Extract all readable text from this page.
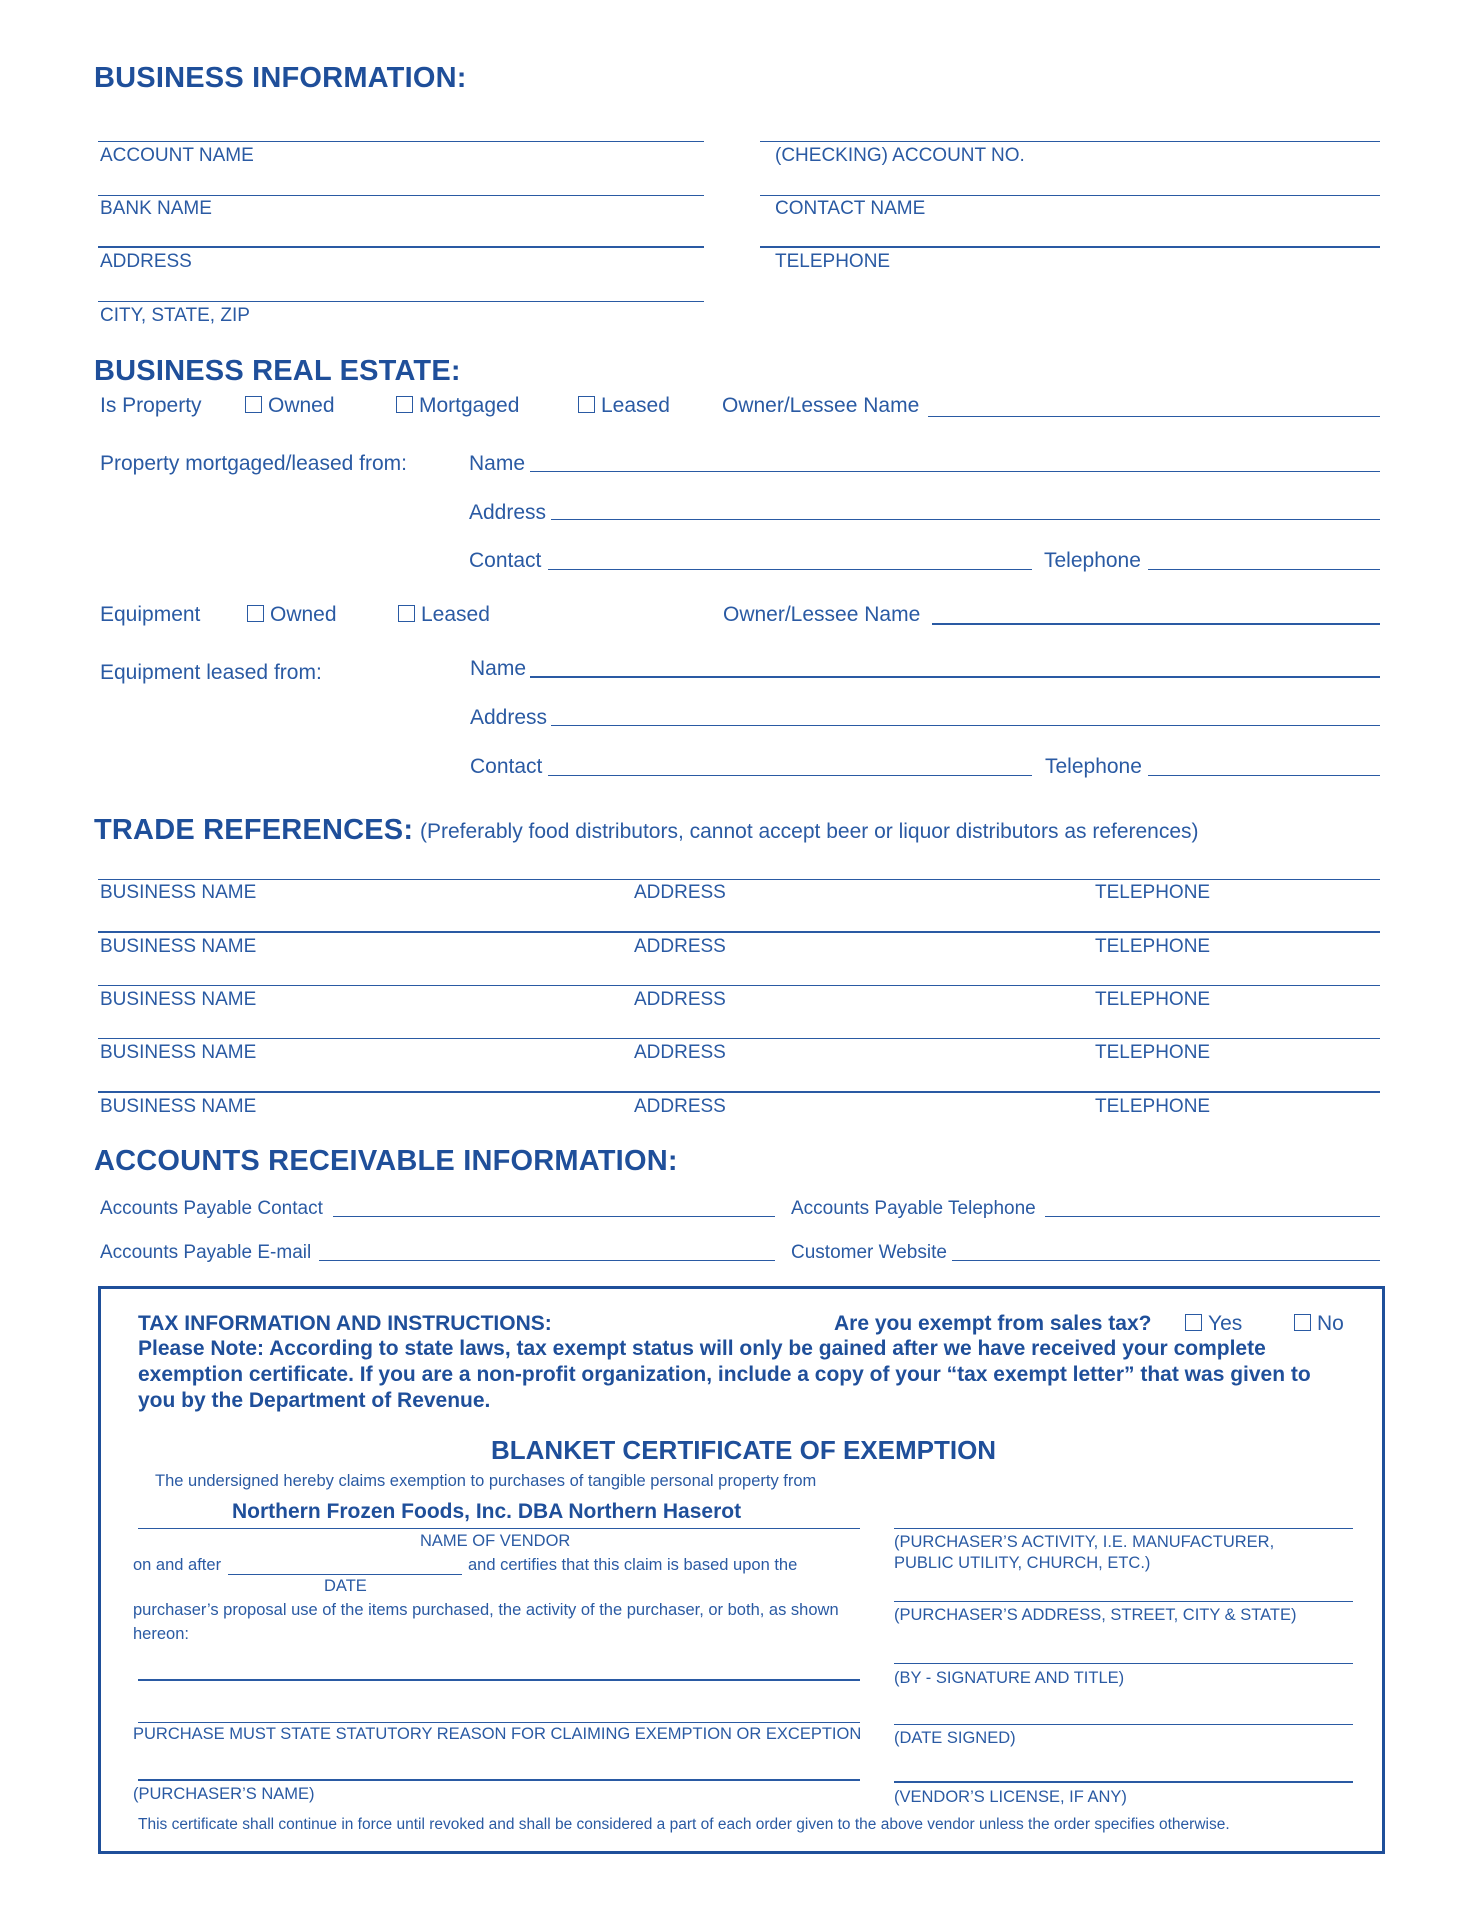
BUSINESS INFORMATION:
ACCOUNT NAME	(CHECKING) ACCOUNT NO.
BANK NAME	CONTACT NAME
ADDRESS	TELEPHONE
CITY, STATE, ZIP
BUSINESS REAL ESTATE:
Is Property	Owned	Mortgaged	Leased Owner/Lessee Name
Property mortgaged/leased from:	Name
Address
Contact	Telephone
Equipment	Owned	Leased	Owner/Lessee Name
Equipment leased from:	Name
Address
Contact	Telephone
TRADE REFERENCES: (Preferably food distributors, cannot accept beer or liquor distributors as references)
BUSINESS NAME	ADDRESS	TELEPHONE
BUSINESS NAME	ADDRESS	TELEPHONE
BUSINESS NAME	ADDRESS	TELEPHONE
BUSINESS NAME	ADDRESS	TELEPHONE
BUSINESS NAME	ADDRESS	TELEPHONE
ACCOUNTS RECEIVABLE INFORMATION:
Accounts Payable Contact	Accounts Payable Telephone
Accounts Payable E-mail	Customer Website
TAX INFORMATION AND INSTRUCTIONS:	Are you exempt from sales tax?	Yes	No
Please Note: According to state laws, tax exempt status will only be gained after we have received your complete exemption certificate. If you are a non-profit organization, include a copy of your “tax exempt letter” that was given to you by the Department of Revenue.
BLANKET CERTIFICATE OF EXEMPTION
The undersigned hereby claims exemption to purchases of tangible personal property from
Northern Frozen Foods, Inc. DBA Northern Haserot
NAME OF VENDOR
on and after	and certifies that this claim is based upon the
DATE
purchaser’s proposal use of the items purchased, the activity of the purchaser, or both, as shown hereon:
PURCHASE MUST STATE STATUTORY REASON FOR CLAIMING EXEMPTION OR EXCEPTION
(PURCHASER’S NAME)
(PURCHASER’S ACTIVITY, I.E. MANUFACTURER, PUBLIC UTILITY, CHURCH, ETC.)
(PURCHASER’S ADDRESS, STREET, CITY & STATE)
(BY - SIGNATURE AND TITLE)
(DATE SIGNED)
(VENDOR’S LICENSE, IF ANY)
This certificate shall continue in force until revoked and shall be considered a part of each order given to the above vendor unless the order specifies otherwise.
